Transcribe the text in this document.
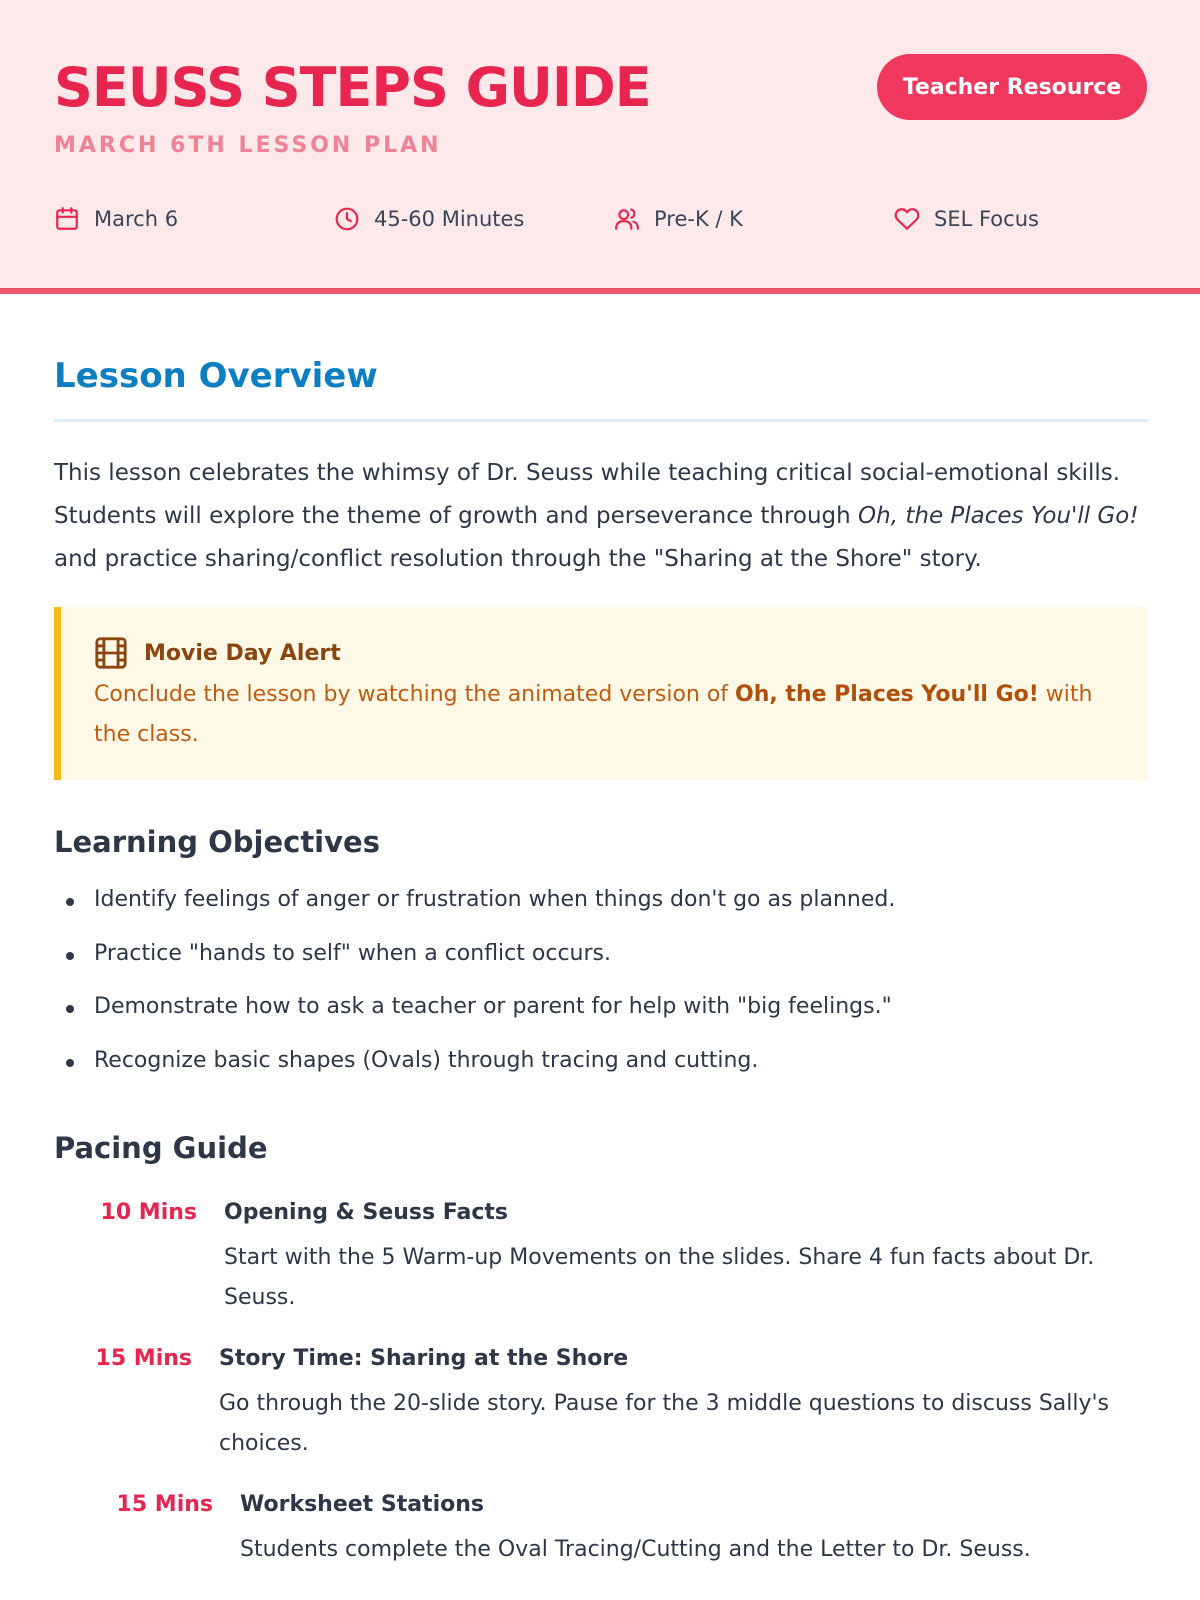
SEUSS STEPS GUIDE
MARCH 6TH LESSON PLAN
Teacher Resource
March 6	45-60 Minutes	Pre-K / K	SEL Focus
Lesson Overview

This lesson celebrates the whimsy of Dr. Seuss while teaching critical social-emotional skills. Students will explore the theme of growth and perseverance through Oh, the Places You'll Go! and practice sharing/conflict resolution through the "Sharing at the Shore" story.

Movie Day Alert

Conclude the lesson by watching the animated version of Oh, the Places You'll Go! with the class.

Learning Objectives
Identify feelings of anger or frustration when things don't go as planned.
Practice "hands to self" when a conflict occurs.
Demonstrate how to ask a teacher or parent for help with "big feelings."
Recognize basic shapes (Ovals) through tracing and cutting.
Pacing Guide
10 Mins Opening & Seuss Facts
Start with the 5 Warm-up Movements on the slides. Share 4 fun facts about Dr. Seuss.
15 Mins Story Time: Sharing at the Shore
Go through the 20-slide story. Pause for the 3 middle questions to discuss Sally's choices.
15 Mins Worksheet Stations
Students complete the Oval Tracing/Cutting and the Letter to Dr. Seuss.
